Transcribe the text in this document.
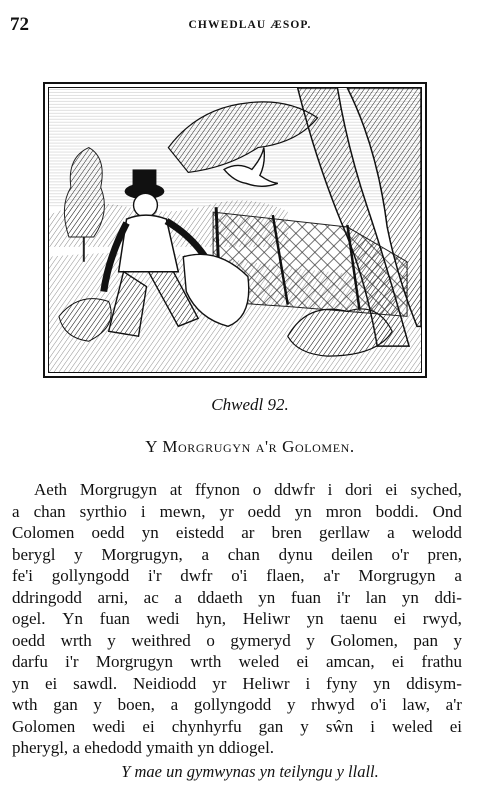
72	CHWEDLAU ÆSOP.
Chwedl 92.
Y Morgrugyn a'r Golomen.
Aeth Morgrugyn at ffynon o ddwfr i dori ei syched,
a chan syrthio i mewn, yr oedd yn mron boddi. Ond
Colomen oedd yn eistedd ar bren gerllaw a welodd
berygl y Morgrugyn, a chan dynu deilen o'r pren,
fe'i gollyngodd i'r dwfr o'i flaen, a'r Morgrugyn a
ddringodd arni, ac a ddaeth yn fuan i'r lan yn ddi-
ogel. Yn fuan wedi hyn, Heliwr yn taenu ei rwyd,
oedd wrth y weithred o gymeryd y Golomen, pan y
darfu i'r Morgrugyn wrth weled ei amcan, ei frathu
yn ei sawdl. Neidiodd yr Heliwr i fyny yn ddisym-
wth gan y boen, a gollyngodd y rhwyd o'i law, a'r
Golomen wedi ei chynhyrfu gan y sŵn i weled ei
pherygl, a ehedodd ymaith yn ddiogel.
Y mae un gymwynas yn teilyngu y llall.
